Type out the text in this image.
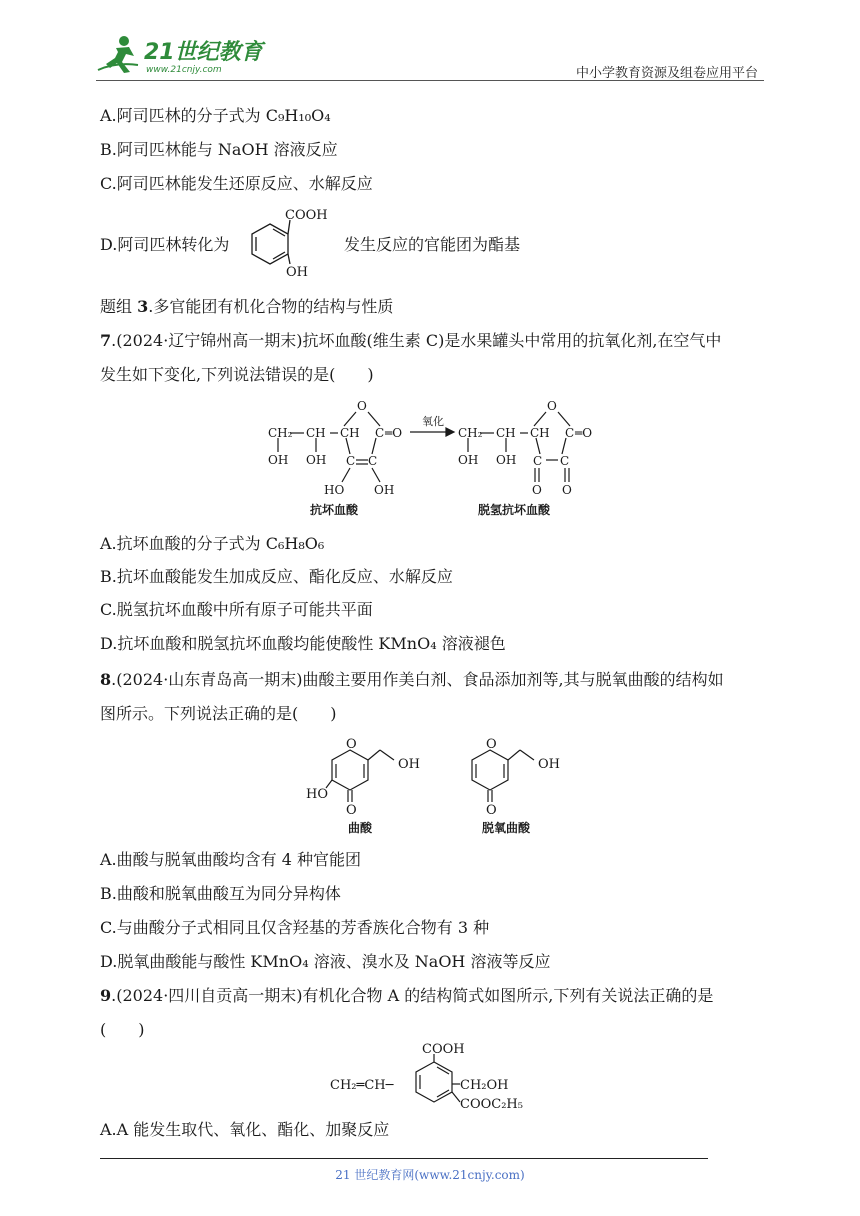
21世纪教育
www.21cnjy.com	中小学教育资源及组卷应用平台
A.阿司匹林的分子式为 C₉H₁₀O₄
B.阿司匹林能与 NaOH 溶液反应
C.阿司匹林能发生还原反应、水解反应
D.阿司匹林转化为
COOH
OH
发生反应的官能团为酯基
题组 3.多官能团有机化合物的结构与性质
7.(2024·辽宁锦州高一期末)抗坏血酸(维生素 C)是水果罐头中常用的抗氧化剂,在空气中
发生如下变化,下列说法错误的是(　　)
CH₂ CH CH
O
C ═O
OH OH C C
HO OH
氧化
CH₂ CH CH
O
C ═O
OH OH C C
O O
抗坏血酸	脱氢抗坏血酸
A.抗坏血酸的分子式为 C₆H₈O₆
B.抗坏血酸能发生加成反应、酯化反应、水解反应
C.脱氢抗坏血酸中所有原子可能共平面
D.抗坏血酸和脱氢抗坏血酸均能使酸性 KMnO₄ 溶液褪色
8.(2024·山东青岛高一期末)曲酸主要用作美白剂、食品添加剂等,其与脱氧曲酸的结构如
图所示。下列说法正确的是(　　)
O
OH
HO
O
O
OH
O
曲酸	脱氧曲酸
A.曲酸与脱氧曲酸均含有 4 种官能团
B.曲酸和脱氧曲酸互为同分异构体
C.与曲酸分子式相同且仅含羟基的芳香族化合物有 3 种
D.脱氧曲酸能与酸性 KMnO₄ 溶液、溴水及 NaOH 溶液等反应
9.(2024·四川自贡高一期末)有机化合物 A 的结构简式如图所示,下列有关说法正确的是
(　　)
COOH
CH₂═CH─	CH₂OH
COOC₂H₅
A.A 能发生取代、氧化、酯化、加聚反应
21 世纪教育网(www.21cnjy.com)
